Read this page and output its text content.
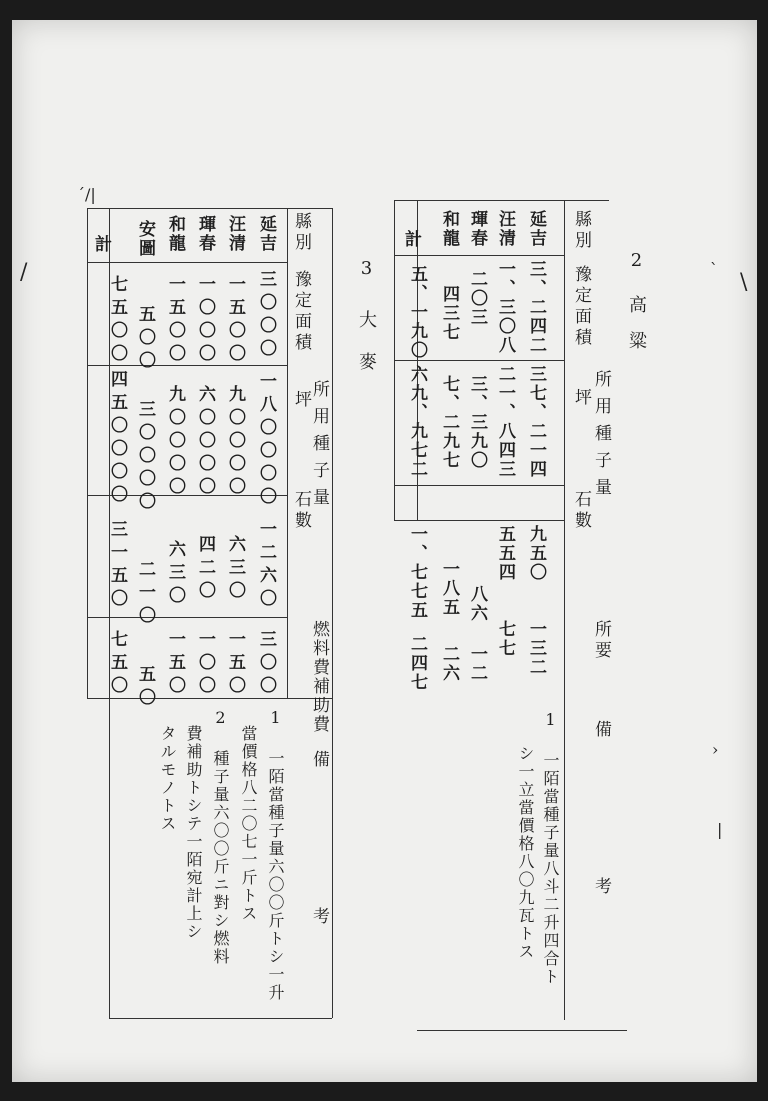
´/|
/	ˋ
\
›
|
2
高粱
縣別
豫定面積
所用種子量
坪
石數
所要
備考
延吉
三、二四二
三七、二一四
九五〇
一三二
汪清
一、三〇八
二一、八四三
五五四
七七
琿春
二〇三
三、三九〇
八六
一二
和龍
四三七
七、二九七
一八五
二六
計
五、一九〇
六九、九七二
一、七七五
二四七
1 一陌當種子量八斗二升四合ト
シ一立當價格八〇九瓦トス
3
大麥
縣別
豫定面積
所用種子量
坪
石數
燃料費補助費
備考
延吉
三〇〇〇
一八〇〇〇〇
一二六〇
三〇〇
汪清
一五〇〇
九〇〇〇〇
六三〇
一五〇
琿春
一〇〇〇
六〇〇〇〇
四二〇
一〇〇
和龍
一五〇〇
九〇〇〇〇
六三〇
一五〇
安圖
五〇〇
三〇〇〇〇
二一〇
五〇
計
七五〇〇
四五〇〇〇〇
三一五〇
七五〇
1 一陌當種子量六〇〇斤トシ一升
當價格八二〇七一斤トス
2 種子量六〇〇斤ニ對シ燃料
費補助トシテ一陌宛計上シ
タルモノトス
